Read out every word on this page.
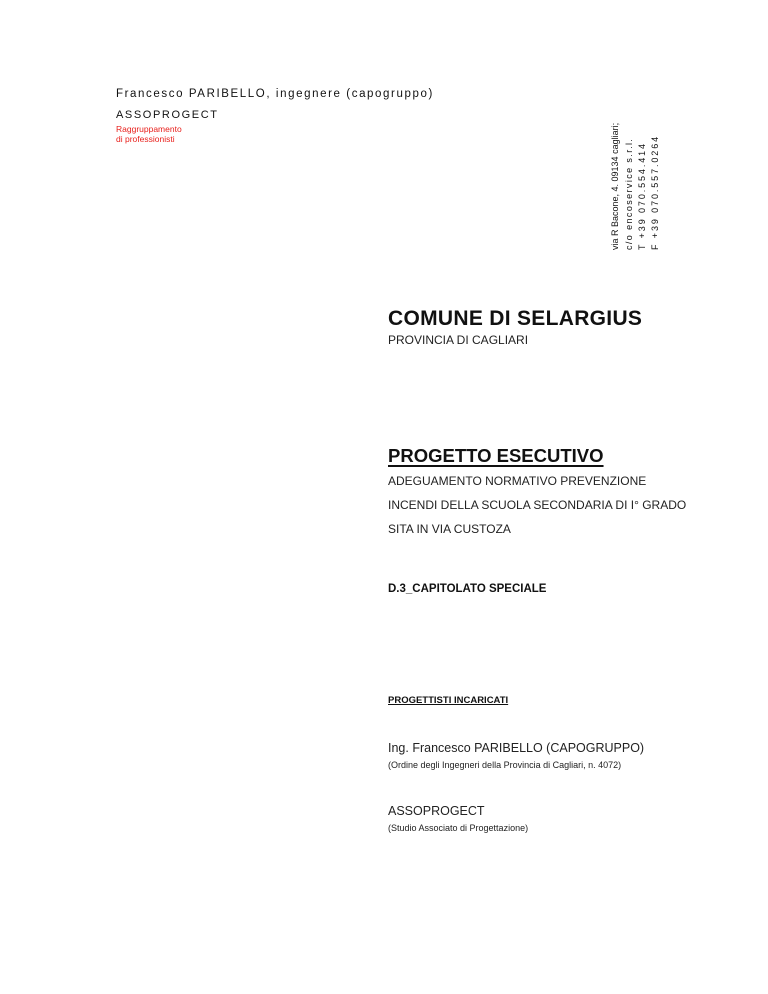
Francesco PARIBELLO, ingegnere (capogruppo)
ASSOPROGECT
Raggruppamento
di professionisti	via R Bacone, 4. 09134 cagliari; c/o encoservice s.r.l. T +39 070.554.414 F +39 070.557.0264
COMUNE DI SELARGIUS
PROVINCIA DI CAGLIARI
PROGETTO ESECUTIVO
ADEGUAMENTO NORMATIVO PREVENZIONE
INCENDI DELLA SCUOLA SECONDARIA DI I° GRADO
SITA IN VIA CUSTOZA
D.3_CAPITOLATO SPECIALE
PROGETTISTI INCARICATI
Ing. Francesco PARIBELLO (CAPOGRUPPO)
(Ordine degli Ingegneri della Provincia di Cagliari, n. 4072)
ASSOPROGECT
(Studio Associato di Progettazione)
